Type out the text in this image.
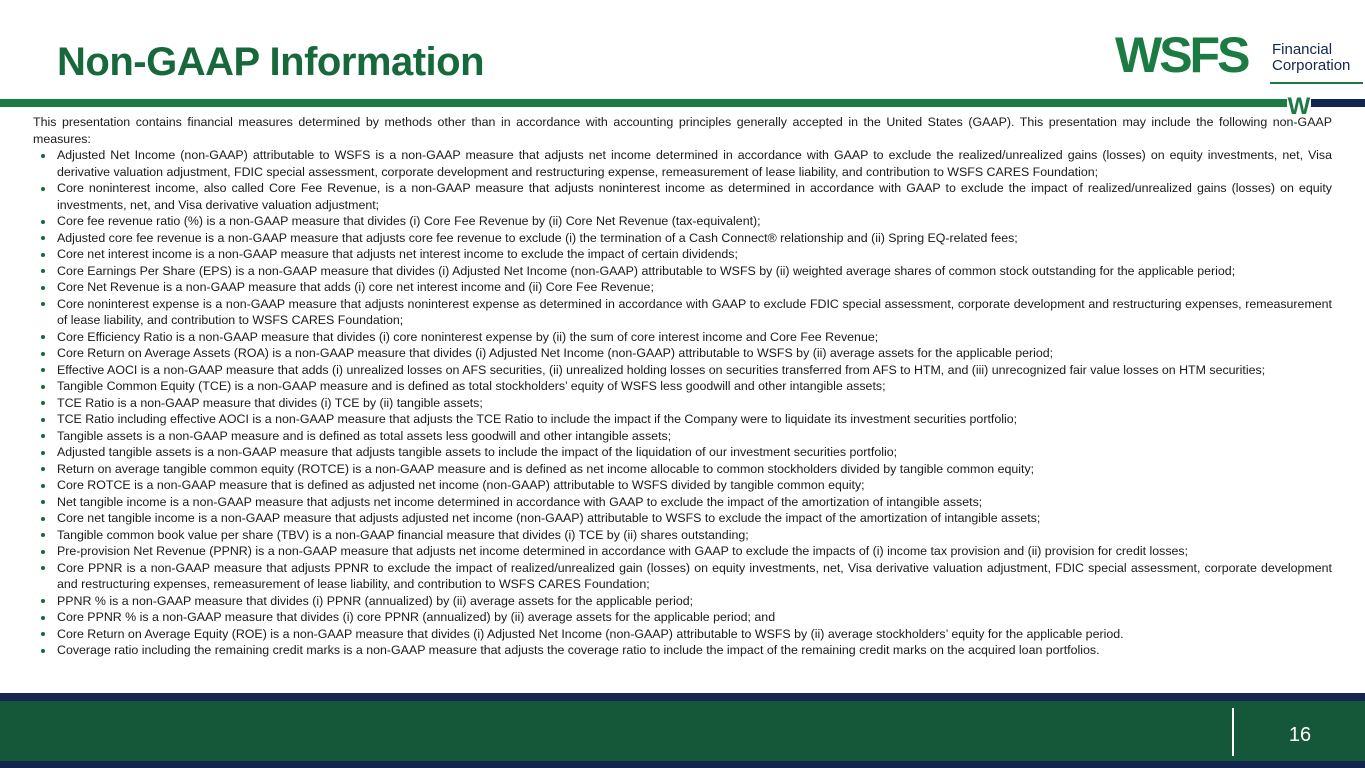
Non-GAAP Information	WSFS Financial
Corporation
W

This presentation contains financial measures determined by methods other than in accordance with accounting principles generally accepted in the United States (GAAP). This presentation may include the following non-GAAP measures:

Adjusted Net Income (non-GAAP) attributable to WSFS is a non-GAAP measure that adjusts net income determined in accordance with GAAP to exclude the realized/unrealized gains (losses) on equity investments, net, Visa derivative valuation adjustment, FDIC special assessment, corporate development and restructuring expense, remeasurement of lease liability, and contribution to WSFS CARES Foundation;
Core noninterest income, also called Core Fee Revenue, is a non-GAAP measure that adjusts noninterest income as determined in accordance with GAAP to exclude the impact of realized/unrealized gains (losses) on equity investments, net, and Visa derivative valuation adjustment;
Core fee revenue ratio (%) is a non-GAAP measure that divides (i) Core Fee Revenue by (ii) Core Net Revenue (tax-equivalent);
Adjusted core fee revenue is a non-GAAP measure that adjusts core fee revenue to exclude (i) the termination of a Cash Connect® relationship and (ii) Spring EQ-related fees;
Core net interest income is a non-GAAP measure that adjusts net interest income to exclude the impact of certain dividends;
Core Earnings Per Share (EPS) is a non-GAAP measure that divides (i) Adjusted Net Income (non-GAAP) attributable to WSFS by (ii) weighted average shares of common stock outstanding for the applicable period;
Core Net Revenue is a non-GAAP measure that adds (i) core net interest income and (ii) Core Fee Revenue;
Core noninterest expense is a non-GAAP measure that adjusts noninterest expense as determined in accordance with GAAP to exclude FDIC special assessment, corporate development and restructuring expenses, remeasurement of lease liability, and contribution to WSFS CARES Foundation;
Core Efficiency Ratio is a non-GAAP measure that divides (i) core noninterest expense by (ii) the sum of core interest income and Core Fee Revenue;
Core Return on Average Assets (ROA) is a non-GAAP measure that divides (i) Adjusted Net Income (non-GAAP) attributable to WSFS by (ii) average assets for the applicable period;
Effective AOCI is a non-GAAP measure that adds (i) unrealized losses on AFS securities, (ii) unrealized holding losses on securities transferred from AFS to HTM, and (iii) unrecognized fair value losses on HTM securities;
Tangible Common Equity (TCE) is a non-GAAP measure and is defined as total stockholders’ equity of WSFS less goodwill and other intangible assets;
TCE Ratio is a non-GAAP measure that divides (i) TCE by (ii) tangible assets;
TCE Ratio including effective AOCI is a non-GAAP measure that adjusts the TCE Ratio to include the impact if the Company were to liquidate its investment securities portfolio;
Tangible assets is a non-GAAP measure and is defined as total assets less goodwill and other intangible assets;
Adjusted tangible assets is a non-GAAP measure that adjusts tangible assets to include the impact of the liquidation of our investment securities portfolio;
Return on average tangible common equity (ROTCE) is a non-GAAP measure and is defined as net income allocable to common stockholders divided by tangible common equity;
Core ROTCE is a non-GAAP measure that is defined as adjusted net income (non-GAAP) attributable to WSFS divided by tangible common equity;
Net tangible income is a non-GAAP measure that adjusts net income determined in accordance with GAAP to exclude the impact of the amortization of intangible assets;
Core net tangible income is a non-GAAP measure that adjusts adjusted net income (non-GAAP) attributable to WSFS to exclude the impact of the amortization of intangible assets;
Tangible common book value per share (TBV) is a non-GAAP financial measure that divides (i) TCE by (ii) shares outstanding;
Pre-provision Net Revenue (PPNR) is a non-GAAP measure that adjusts net income determined in accordance with GAAP to exclude the impacts of (i) income tax provision and (ii) provision for credit losses;
Core PPNR is a non-GAAP measure that adjusts PPNR to exclude the impact of realized/unrealized gain (losses) on equity investments, net, Visa derivative valuation adjustment, FDIC special assessment, corporate development and restructuring expenses, remeasurement of lease liability, and contribution to WSFS CARES Foundation;
PPNR % is a non-GAAP measure that divides (i) PPNR (annualized) by (ii) average assets for the applicable period;
Core PPNR % is a non-GAAP measure that divides (i) core PPNR (annualized) by (ii) average assets for the applicable period; and
Core Return on Average Equity (ROE) is a non-GAAP measure that divides (i) Adjusted Net Income (non-GAAP) attributable to WSFS by (ii) average stockholders’ equity for the applicable period.
Coverage ratio including the remaining credit marks is a non-GAAP measure that adjusts the coverage ratio to include the impact of the remaining credit marks on the acquired loan portfolios.
16
